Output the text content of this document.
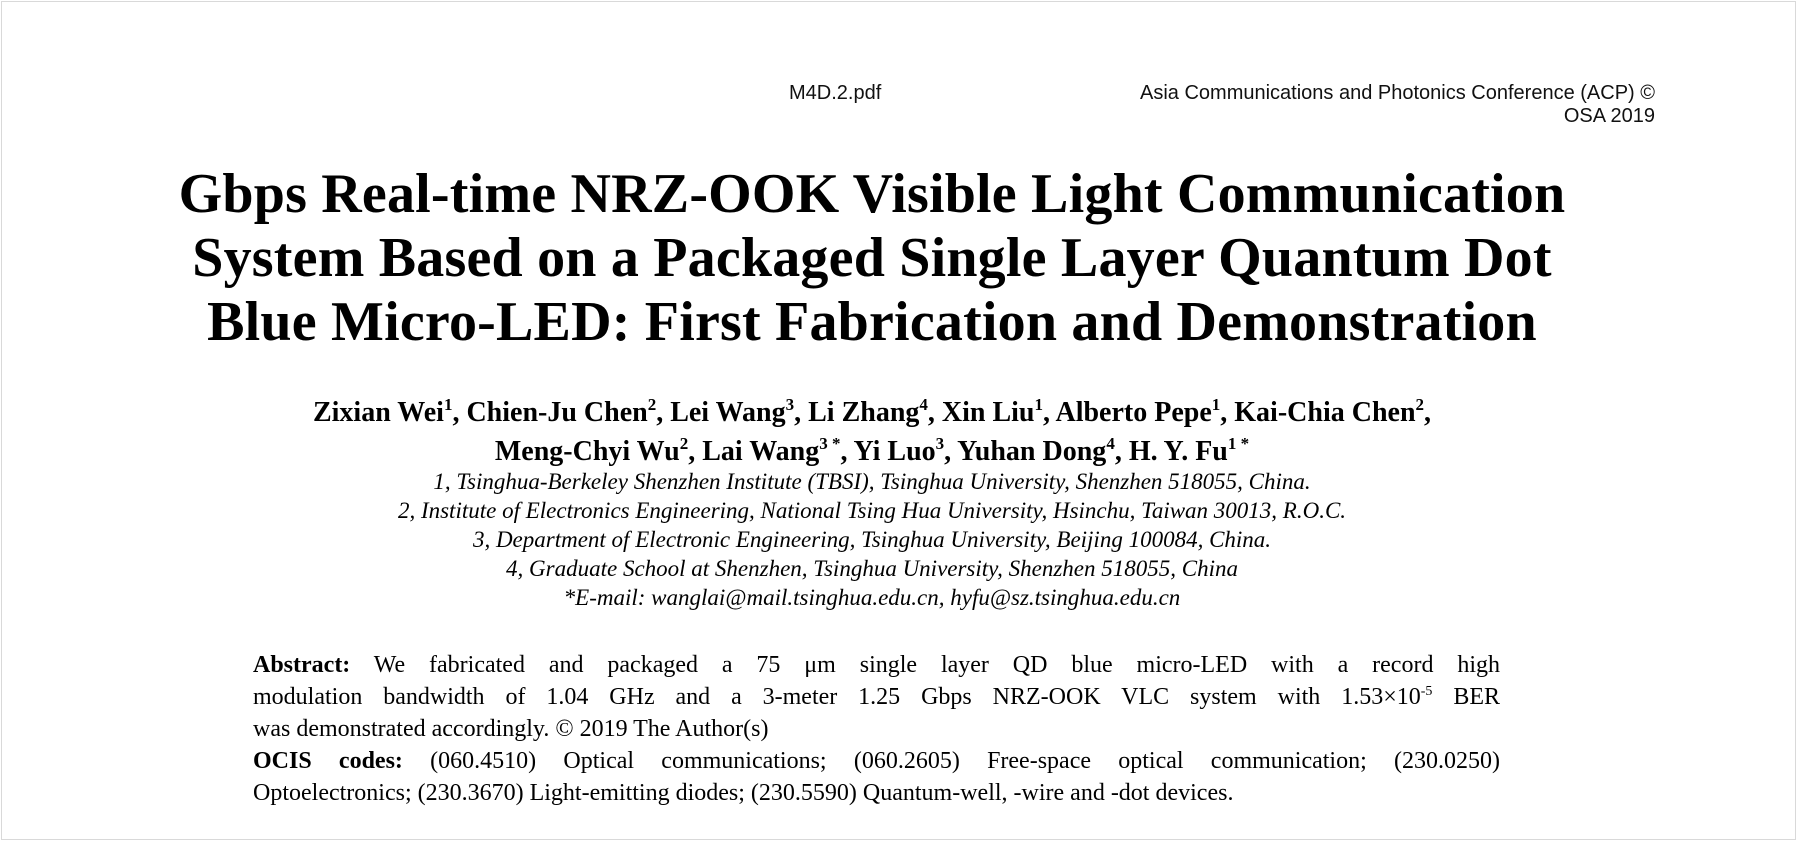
M4D.2.pdf	Asia Communications and Photonics Conference (ACP) ©
OSA 2019
Gbps Real-time NRZ-OOK Visible Light Communication
System Based on a Packaged Single Layer Quantum Dot
Blue Micro-LED: First Fabrication and Demonstration
Zixian Wei$^1$, Chien-Ju Chen$^2$, Lei Wang$^3$, Li Zhang$^4$, Xin Liu$^1$, Alberto Pepe$^1$, Kai-Chia Chen$^2$,
Meng-Chyi Wu$^2$, Lai Wang$^{3 *}$, Yi Luo$^3$, Yuhan Dong$^4$, H. Y. $Fu^{1 *}$
1, Tsinghua-Berkeley Shenzhen Institute (TBSI), Tsinghua University, Shenzhen 518055, China.
2, Institute of Electronics Engineering, National Tsing Hua University, Hsinchu, Taiwan 30013, R.O.C.
3, Department of Electronic Engineering, Tsinghua University, Beijing 100084, China.
4, Graduate School at Shenzhen, Tsinghua University, Shenzhen 518055, China
*E-mail: wanglai@mail.tsinghua.edu.cn, hyfu@sz.tsinghua.edu.cn
Abstract: We fabricated and packaged a 75 μm single layer QD blue micro-LED with a record high
modulation bandwidth of 1.04 GHz and a 3-meter 1.25 Gbps NRZ-OOK VLC system with $1.53\times 10^{-5}$ BER
was demonstrated accordingly. © 2019 The Author(s)
OCIS codes: (060.4510) Optical communications; (060.2605) Free-space optical communication; (230.0250)
Optoelectronics; (230.3670) Light-emitting diodes; (230.5590) Quantum-well, -wire and -dot devices.
